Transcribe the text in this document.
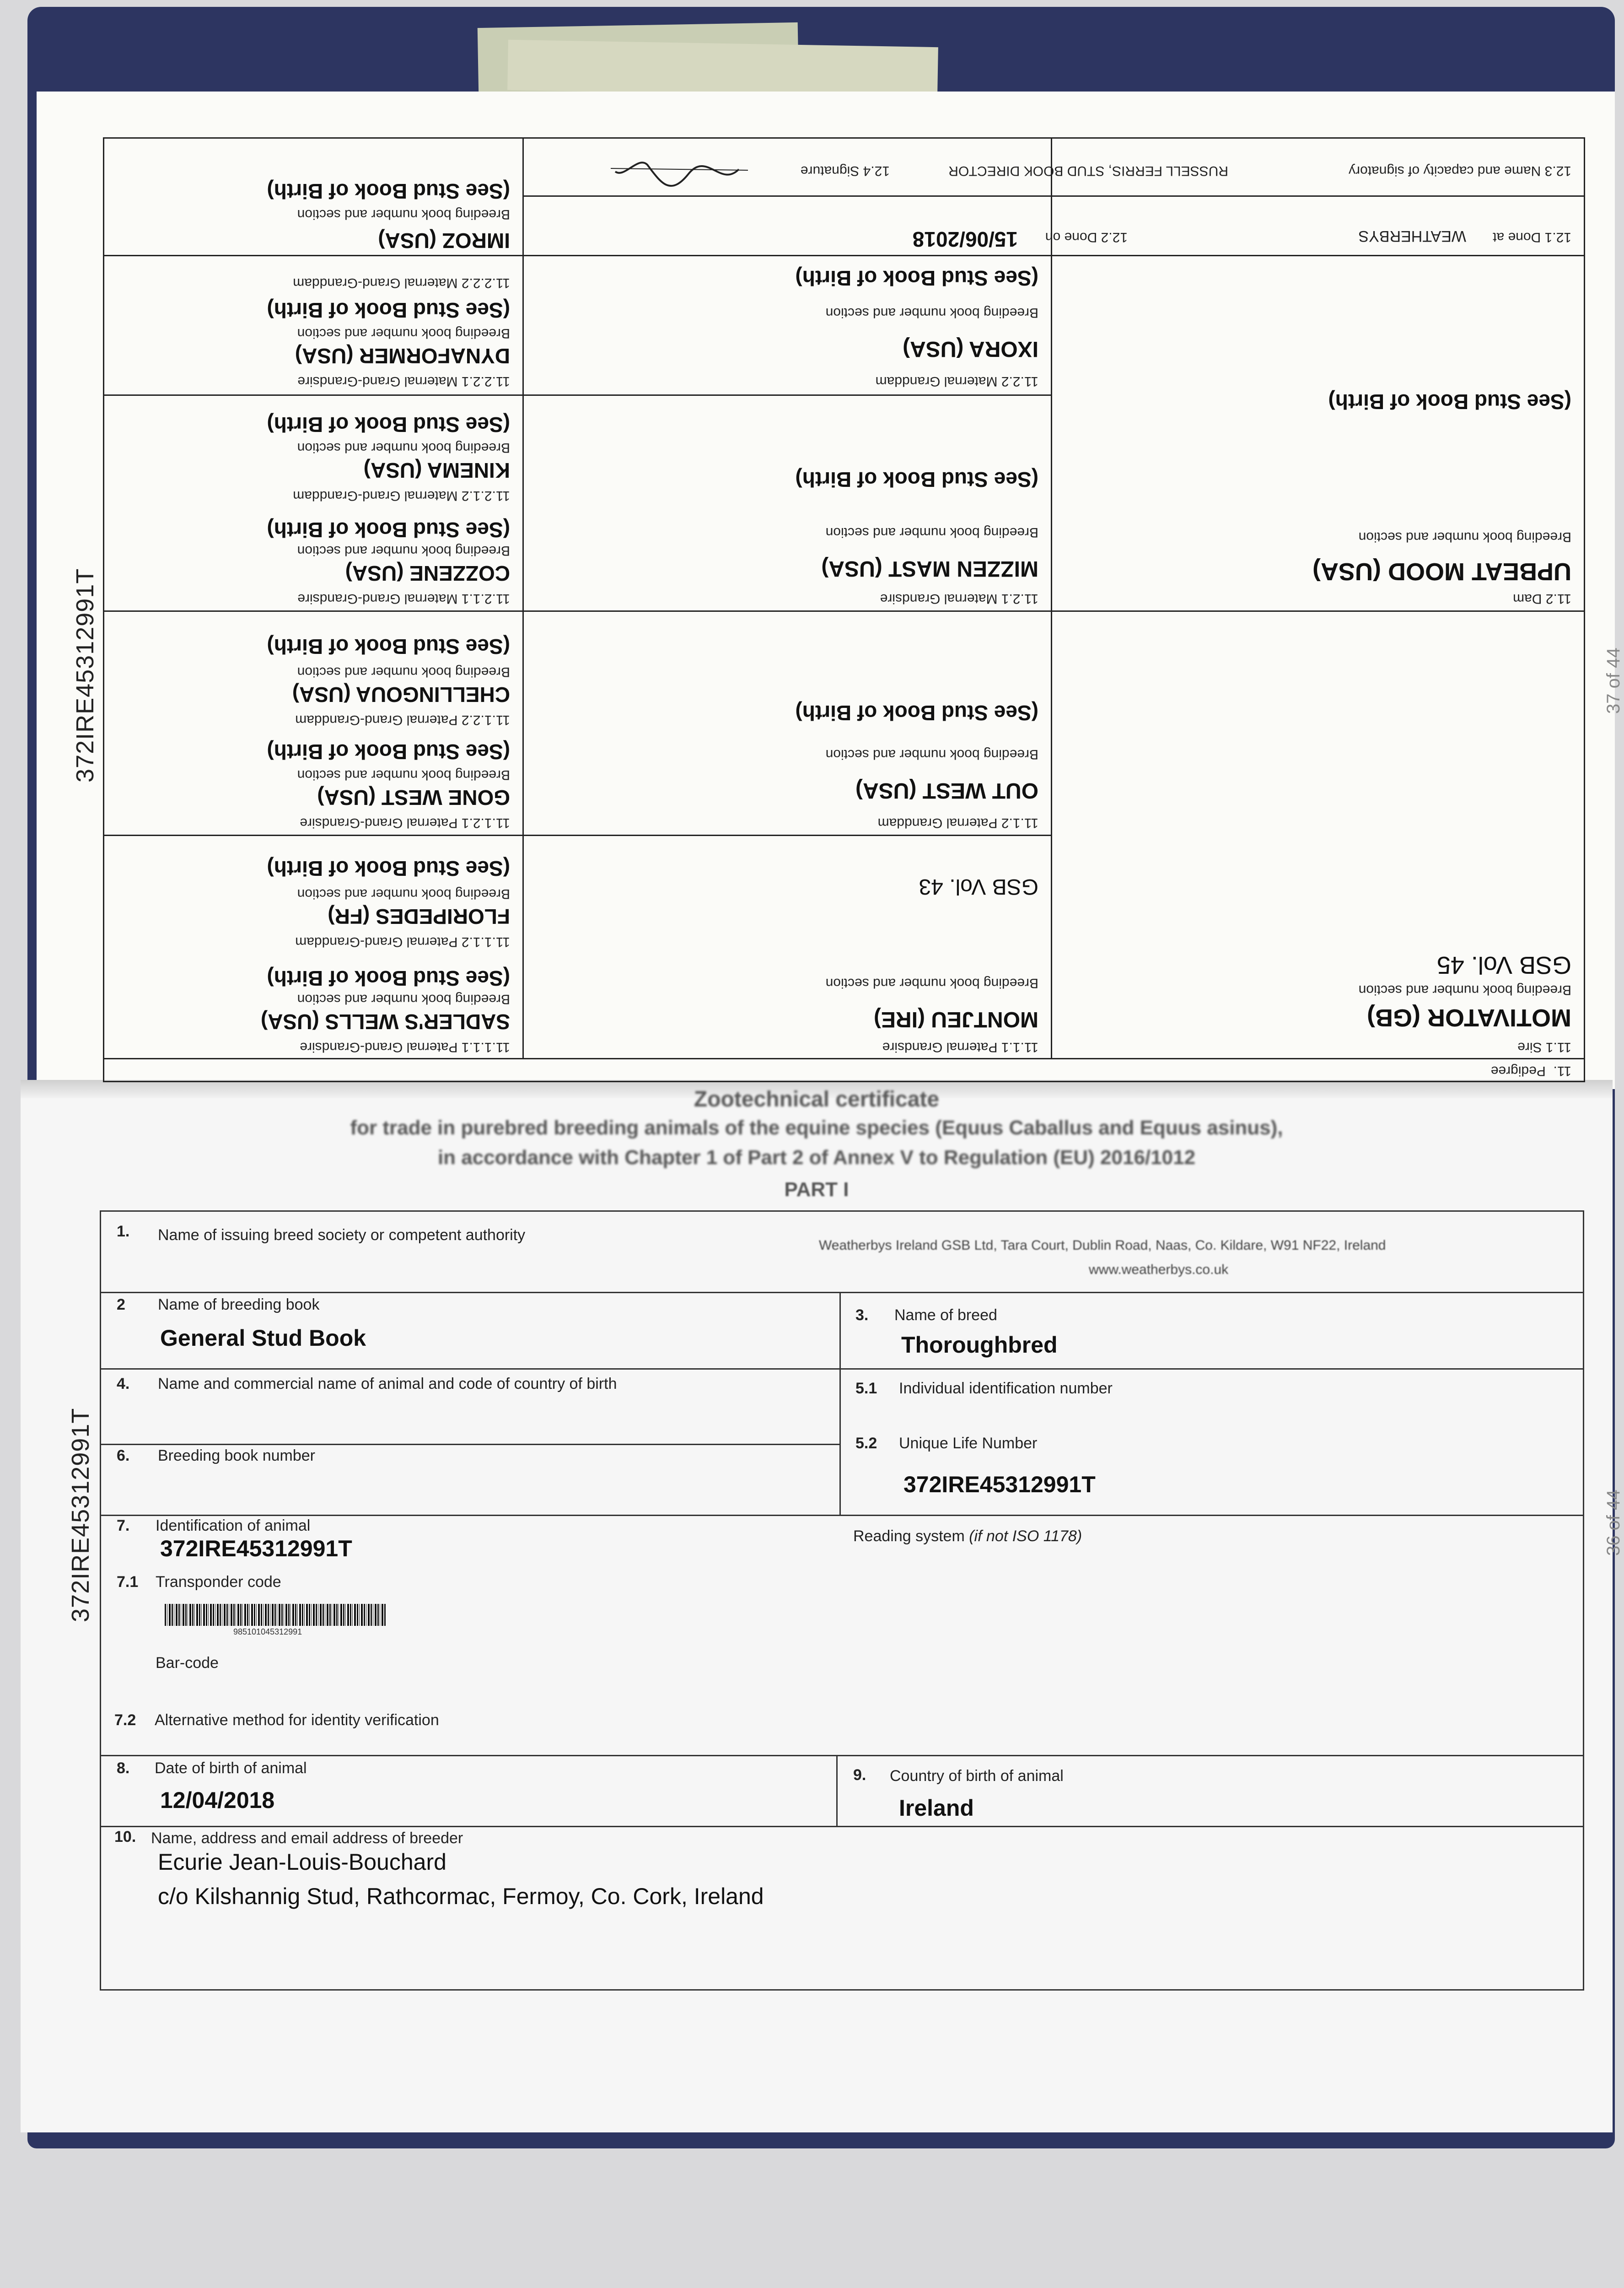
372IRE45312991T
372IRE45312991T
37 of 44
36 of 44
11.  Pedigree
11.1 Sire
MOTIVATOR (GB)
Breeding book number and section
GSB Vol. 45
11.2 Dam
UPBEAT MOOD (USA)
Breeding book number and section
(See Stud Book of Birth)
11.1.1 Paternal Grandsire
MONTJEU (IRE)
Breeding book number and section
GSB Vol. 43
11.1.2 Paternal Granddam
OUT WEST (USA)
Breeding book number and section
(See Stud Book of Birth)
11.2.1 Maternal Grandsire
MIZZEN MAST (USA)
Breeding book number and section
(See Stud Book of Birth)
11.2.2 Maternal Granddam
IXORA (USA)
Breeding book number and section
(See Stud Book of Birth)
11.1.1.1 Paternal Grand-Grandsire
SADLER'S WELLS (USA)
Breeding book number and section
(See Stud Book of Birth)
11.1.1.2 Paternal Grand-Granddam
FLORIPEDES (FR)
Breeding book number and section
(See Stud Book of Birth)
11.1.2.1 Paternal Grand-Grandsire
GONE WEST (USA)
Breeding book number and section
(See Stud Book of Birth)
11.1.2.2 Paternal Grand-Granddam
CHELLINGOUA (USA)
Breeding book number and section
(See Stud Book of Birth)
11.2.1.1 Maternal Grand-Grandsire
COZZENE (USA)
Breeding book number and section
(See Stud Book of Birth)
11.2.1.2 Maternal Grand-Granddam
KINEMA (USA)
Breeding book number and section
(See Stud Book of Birth)
11.2.2.1 Maternal Grand-Grandsire
DYNAFORMER (USA)
Breeding book number and section
(See Stud Book of Birth)
11.2.2.2 Maternal Grand-Granddam
IMROZ (USA)
Breeding book number and section
(See Stud Book of Birth)
12.1 Done at
WEATHERBYS
12.2 Done on
15/06/2018
12.3 Name and capacity of signatory
RUSSELL FERRIS, STUD BOOK DIRECTOR
12.4 Signature
Zootechnical certificate
for trade in purebred breeding animals of the equine species (Equus Caballus and Equus asinus),
in accordance with Chapter 1 of Part 2 of Annex V to Regulation (EU) 2016/1012
PART I
1. Name of issuing breed society or competent authority
Weatherbys Ireland GSB Ltd, Tara Court, Dublin Road, Naas, Co. Kildare, W91 NF22, Ireland
www.weatherbys.co.uk
2 Name of breeding book
General Stud Book
3. Name of breed
Thoroughbred
4. Name and commercial name of animal and code of country of birth	5.1 Individual identification number
6. Breeding book number
5.2 Unique Life Number
372IRE45312991T
7. Identification of animal
372IRE45312991T	Reading system (if not ISO 1178)
7.1 Transponder code
985101045312991
Bar-code
7.2 Alternative method for identity verification
8. Date of birth of animal
12/04/2018
9. Country of birth of animal
Ireland
10. Name, address and email address of breeder
Ecurie Jean-Louis-Bouchard
c/o Kilshannig Stud, Rathcormac, Fermoy, Co. Cork, Ireland
